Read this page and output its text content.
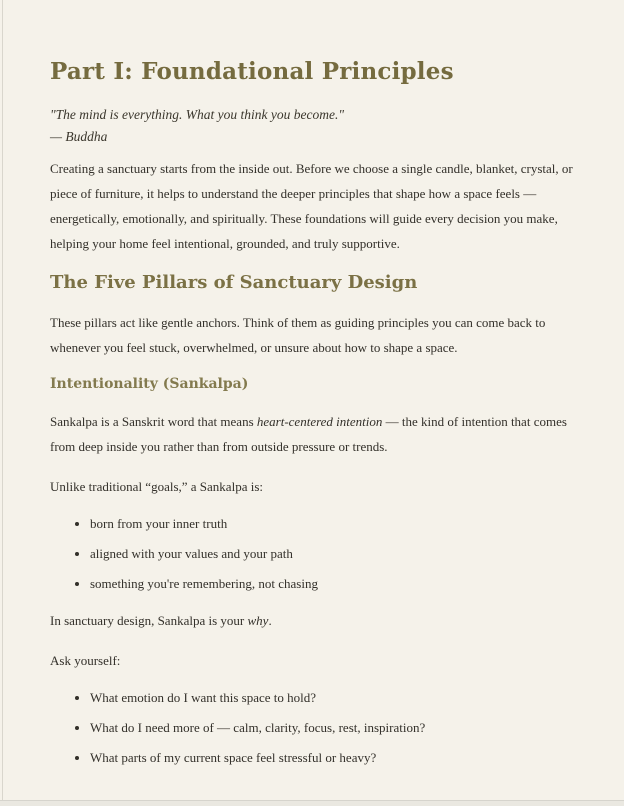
Part I: Foundational Principles
"The mind is everything. What you think you become."
— Buddha

Creating a sanctuary starts from the inside out. Before we choose a single candle, blanket, crystal, or piece of furniture, it helps to understand the deeper principles that shape how a space feels — energetically, emotionally, and spiritually. These foundations will guide every decision you make, helping your home feel intentional, grounded, and truly supportive.

The Five Pillars of Sanctuary Design

These pillars act like gentle anchors. Think of them as guiding principles you can come back to whenever you feel stuck, overwhelmed, or unsure about how to shape a space.

Intentionality (Sankalpa)

Sankalpa is a Sanskrit word that means heart-centered intention — the kind of intention that comes from deep inside you rather than from outside pressure or trends.

Unlike traditional “goals,” a Sankalpa is:

• born from your inner truth
• aligned with your values and your path
• something you're remembering, not chasing

In sanctuary design, Sankalpa is your why.

Ask yourself:

• What emotion do I want this space to hold?
• What do I need more of — calm, clarity, focus, rest, inspiration?
• What parts of my current space feel stressful or heavy?
